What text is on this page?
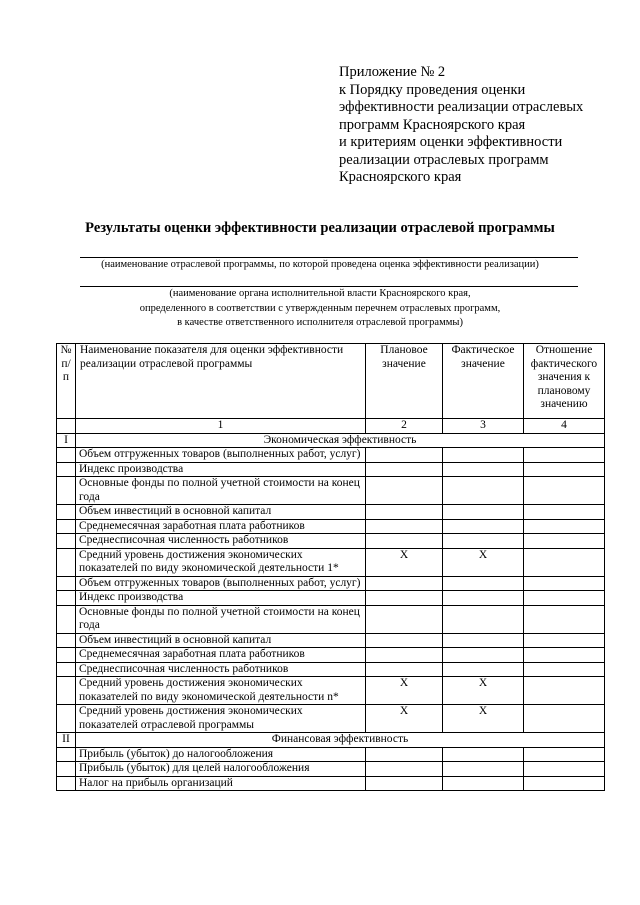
Приложение № 2
к Порядку проведения оценки
эффективности реализации отраслевых
программ Красноярского края
и критериям оценки эффективности
реализации отраслевых программ
Красноярского края
Результаты оценки эффективности реализации отраслевой программы
(наименование отраслевой программы, по которой проведена оценка эффективности реализации)
(наименование органа исполнительной власти Красноярского края,
определенного в соответствии с утвержденным перечнем отраслевых программ,
в качестве ответственного исполнителя отраслевой программы)
№ п/п	Наименование показателя для оценки эффективности реализации отраслевой программы	Плановое значение	Фактическое значение	Отношение фактического значения к плановому значению
	1	2	3	4
I	Экономическая эффективность			
	Объем отгруженных товаров (выполненных работ, услуг)			
	Индекс производства			
	Основные фонды по полной учетной стоимости на конец года			
	Объем инвестиций в основной капитал			
	Среднемесячная заработная плата работников			
	Среднесписочная численность работников			
	Средний уровень достижения экономических показателей по виду экономической деятельности 1*	X	X	
	Объем отгруженных товаров (выполненных работ, услуг)			
	Индекс производства			
	Основные фонды по полной учетной стоимости на конец года			
	Объем инвестиций в основной капитал			
	Среднемесячная заработная плата работников			
	Среднесписочная численность работников			
	Средний уровень достижения экономических показателей по виду экономической деятельности n*	X	X	
	Средний уровень достижения экономических показателей отраслевой программы	X	X	
II	Финансовая эффективность			
	Прибыль (убыток) до налогообложения			
	Прибыль (убыток) для целей налогообложения			
	Налог на прибыль организаций			
